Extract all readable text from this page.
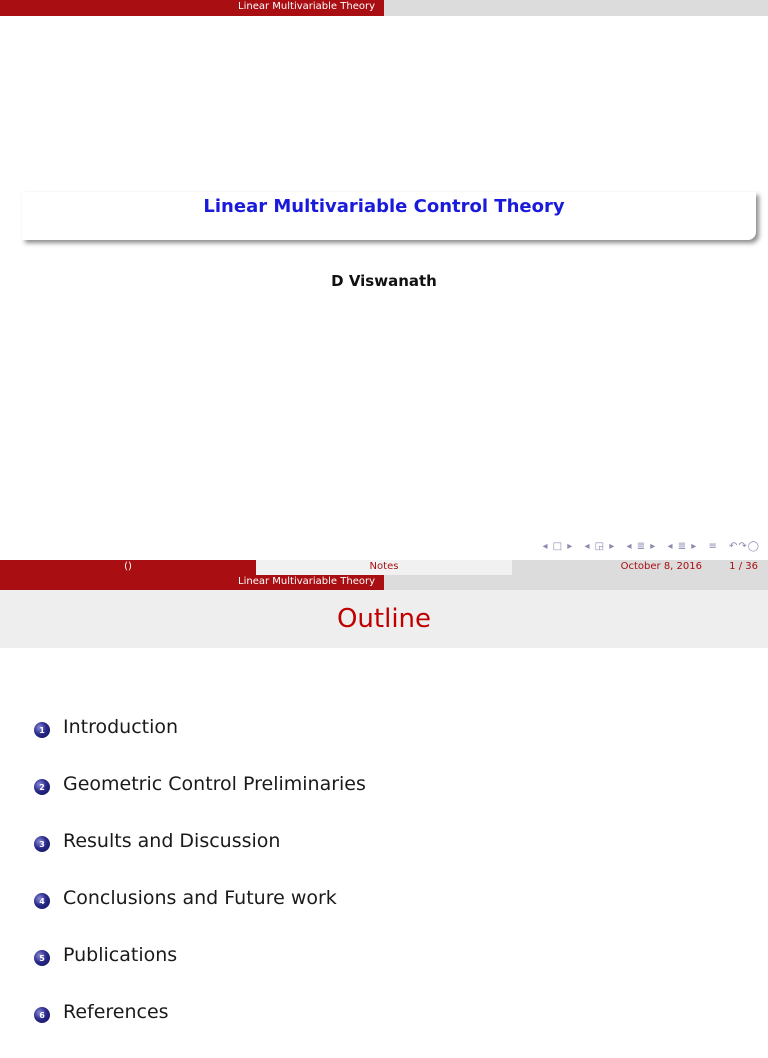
Linear Multivariable Theory
Linear Multivariable Control Theory
D Viswanath
◂ □ ▸ ◂ ◲ ▸ ◂ ≣ ▸ ◂ ≣ ▸ ≡ ↶↷◯
()	Notes	October 8, 2016	1 / 36
Linear Multivariable Theory
Outline
1 Introduction
2 Geometric Control Preliminaries
3 Results and Discussion
4 Conclusions and Future work
5 Publications
6 References
